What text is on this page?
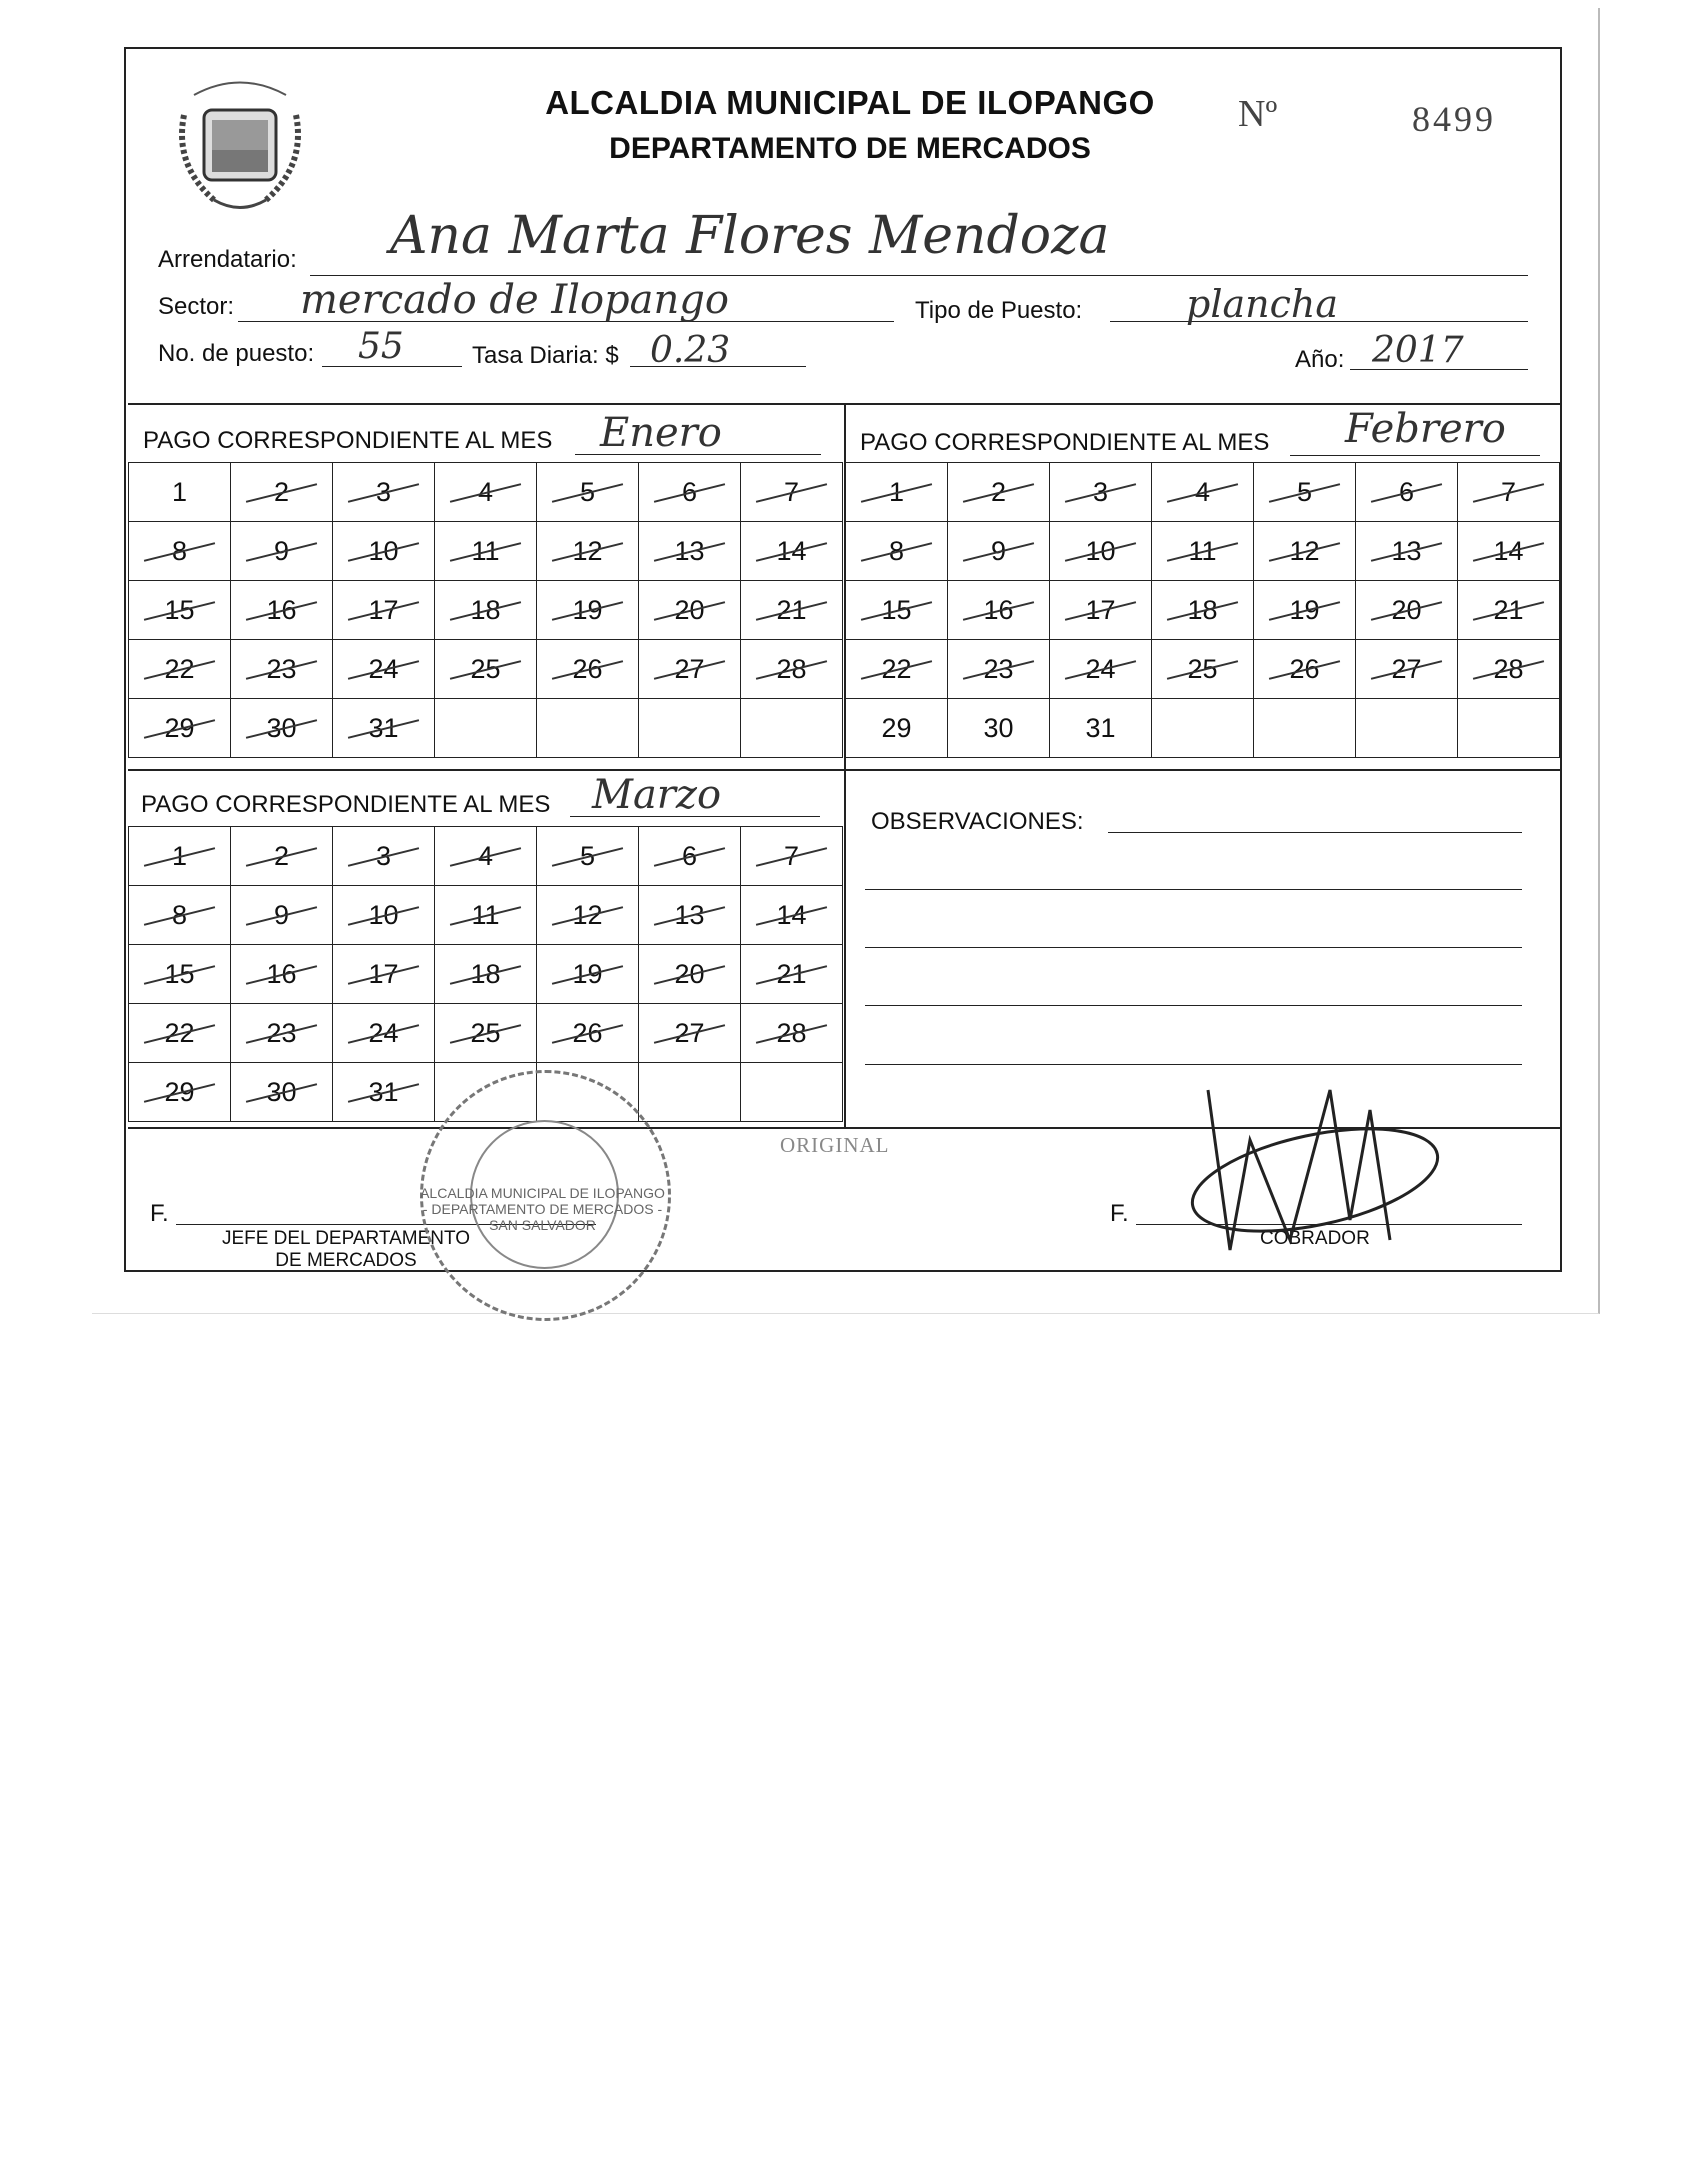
ALCALDIA MUNICIPAL DE ILOPANGO
DEPARTAMENTO DE MERCADOS
Nº	8499
Arrendatario: Ana Marta Flores Mendoza
Sector: mercado de Ilopango	Tipo de Puesto:	plancha
No. de puesto: 55	Tasa Diaria: $ 0.23	Año: 2017
PAGO CORRESPONDIENTE AL MES Enero
1	2	3	4	5	6	7

8	9	10	11	12	13	14

15	16	17	18	19	20	21

22	23	24	25	26	27	28

29	30	31

PAGO CORRESPONDIENTE AL MES Febrero
1	2	3	4	5	6	7

8	9	10	11	12	13	14

15	16	17	18	19	20	21

22	23	24	25	26	27	28

29	30	31				
PAGO CORRESPONDIENTE AL MES Marzo
1	2	3	4	5	6	7

8	9	10	11	12	13	14

15	16	17	18	19	20	21

22	23	24	25	26	27	28

29	30	31

OBSERVACIONES:
ORIGINAL
F.
JEFE DEL DEPARTAMENTO
DE MERCADOS
ALCALDIA MUNICIPAL DE ILOPANGO - DEPARTAMENTO DE MERCADOS - SAN SALVADOR	F.
COBRADOR
